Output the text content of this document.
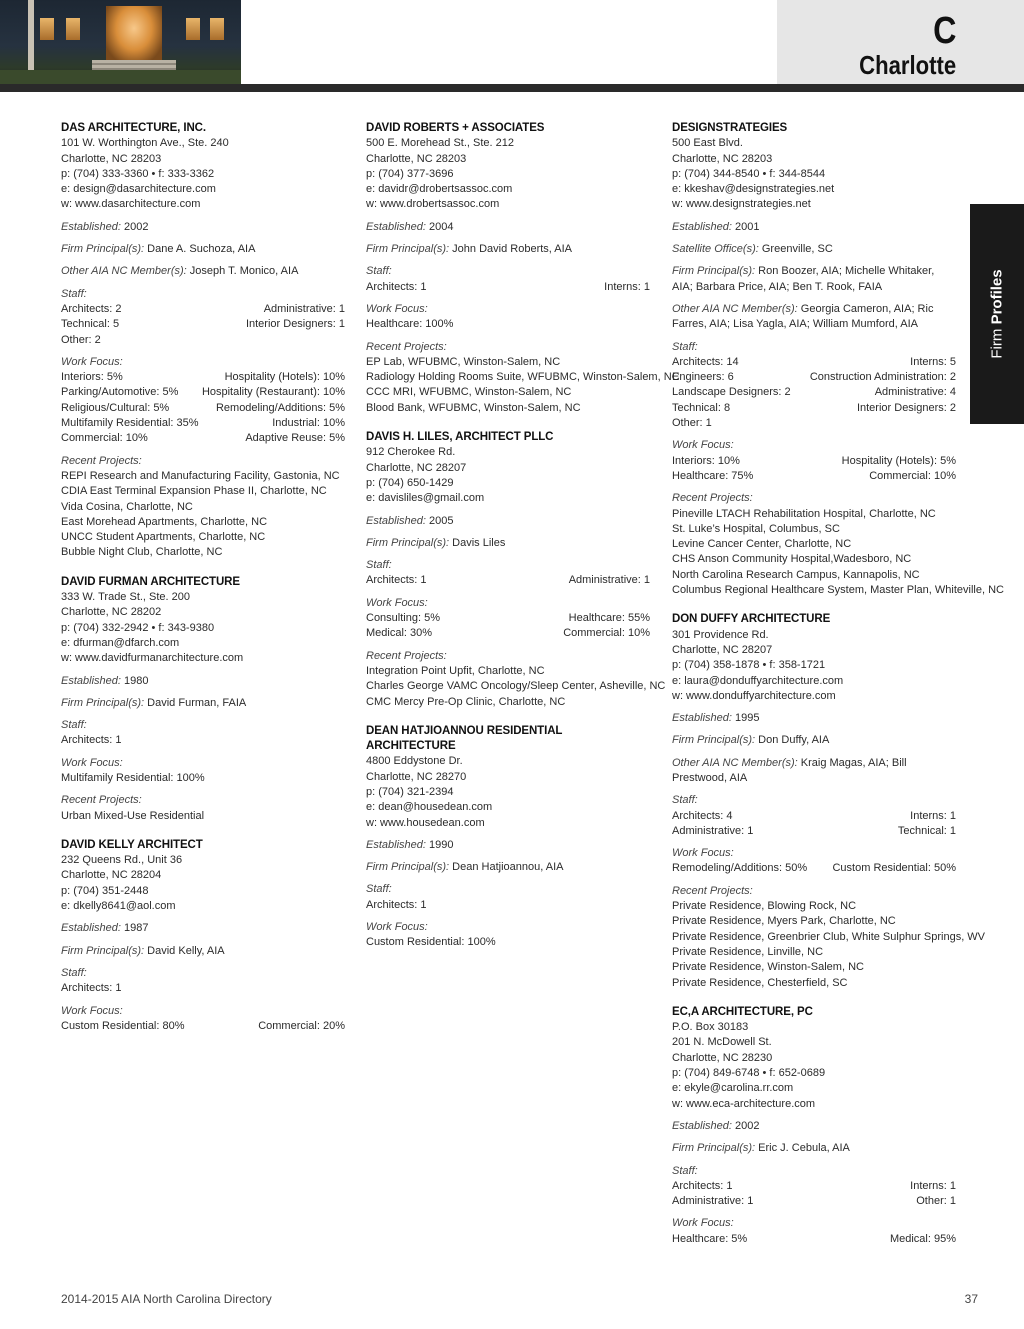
C
Charlotte
Firm Profiles
DAS ARCHITECTURE, INC.
101 W. Worthington Ave., Ste. 240
Charlotte, NC 28203
p: (704) 333-3360 • f: 333-3362
e: design@dasarchitecture.com
w: www.dasarchitecture.com
Established: 2002
Firm Principal(s): Dane A. Suchoza, AIA
Other AIA NC Member(s): Joseph T. Monico, AIA
Staff:
Architects: 2	Administrative: 1
Technical: 5	Interior Designers: 1
Other: 2
Work Focus:
Interiors: 5%	Hospitality (Hotels): 10%
Parking/Automotive: 5% Hospitality (Restaurant): 10%
Religious/Cultural: 5%	Remodeling/Additions: 5%
Multifamily Residential: 35%	Industrial: 10%
Commercial: 10%	Adaptive Reuse: 5%
Recent Projects:
REPI Research and Manufacturing Facility, Gastonia, NC
CDIA East Terminal Expansion Phase II, Charlotte, NC
Vida Cosina, Charlotte, NC
East Morehead Apartments, Charlotte, NC
UNCC Student Apartments, Charlotte, NC
Bubble Night Club, Charlotte, NC
DAVID FURMAN ARCHITECTURE
333 W. Trade St., Ste. 200
Charlotte, NC 28202
p: (704) 332-2942 • f: 343-9380
e: dfurman@dfarch.com
w: www.davidfurmanarchitecture.com
Established: 1980
Firm Principal(s): David Furman, FAIA
Staff:
Architects: 1
Work Focus:
Multifamily Residential: 100%
Recent Projects:
Urban Mixed-Use Residential
DAVID KELLY ARCHITECT
232 Queens Rd., Unit 36
Charlotte, NC 28204
p: (704) 351-2448
e: dkelly8641@aol.com
Established: 1987
Firm Principal(s): David Kelly, AIA
Staff:
Architects: 1
Work Focus:
Custom Residential: 80%	Commercial: 20%
DAVID ROBERTS + ASSOCIATES
500 E. Morehead St., Ste. 212
Charlotte, NC 28203
p: (704) 377-3696
e: davidr@drobertsassoc.com
w: www.drobertsassoc.com
Established: 2004
Firm Principal(s): John David Roberts, AIA
Staff:
Architects: 1	Interns: 1
Work Focus:
Healthcare: 100%
Recent Projects:
EP Lab, WFUBMC, Winston-Salem, NC
Radiology Holding Rooms Suite, WFUBMC, Winston-Salem, NC
CCC MRI, WFUBMC, Winston-Salem, NC
Blood Bank, WFUBMC, Winston-Salem, NC
DAVIS H. LILES, ARCHITECT PLLC
912 Cherokee Rd.
Charlotte, NC 28207
p: (704) 650-1429
e: davisliles@gmail.com
Established: 2005
Firm Principal(s): Davis Liles
Staff:
Architects: 1	Administrative: 1
Work Focus:
Consulting: 5%	Healthcare: 55%
Medical: 30%	Commercial: 10%
Recent Projects:
Integration Point Upfit, Charlotte, NC
Charles George VAMC Oncology/Sleep Center, Asheville, NC
CMC Mercy Pre-Op Clinic, Charlotte, NC
DEAN HATJIOANNOU RESIDENTIAL ARCHITECTURE
4800 Eddystone Dr.
Charlotte, NC 28270
p: (704) 321-2394
e: dean@housedean.com
w: www.housedean.com
Established: 1990
Firm Principal(s): Dean Hatjioannou, AIA
Staff:
Architects: 1
Work Focus:
Custom Residential: 100%
DESIGNSTRATEGIES
500 East Blvd.
Charlotte, NC 28203
p: (704) 344-8540 • f: 344-8544
e: kkeshav@designstrategies.net
w: www.designstrategies.net
Established: 2001
Satellite Office(s): Greenville, SC
Firm Principal(s): Ron Boozer, AIA; Michelle Whitaker, AIA; Barbara Price, AIA; Ben T. Rook, FAIA
Other AIA NC Member(s): Georgia Cameron, AIA; Ric Farres, AIA; Lisa Yagla, AIA; William Mumford, AIA
Staff:
Architects: 14	Interns: 5
Engineers: 6	Construction Administration: 2
Landscape Designers: 2	Administrative: 4
Technical: 8	Interior Designers: 2
Other: 1
Work Focus:
Interiors: 10%	Hospitality (Hotels): 5%
Healthcare: 75%	Commercial: 10%
Recent Projects:
Pineville LTACH Rehabilitation Hospital, Charlotte, NC
St. Luke’s Hospital, Columbus, SC
Levine Cancer Center, Charlotte, NC
CHS Anson Community Hospital,Wadesboro, NC
North Carolina Research Campus, Kannapolis, NC
Columbus Regional Healthcare System, Master Plan, Whiteville, NC
DON DUFFY ARCHITECTURE
301 Providence Rd.
Charlotte, NC 28207
p: (704) 358-1878 • f: 358-1721
e: laura@donduffyarchitecture.com
w: www.donduffyarchitecture.com
Established: 1995
Firm Principal(s): Don Duffy, AIA
Other AIA NC Member(s): Kraig Magas, AIA; Bill Prestwood, AIA
Staff:
Architects: 4	Interns: 1
Administrative: 1	Technical: 1
Work Focus:
Remodeling/Additions: 50% Custom Residential: 50%
Recent Projects:
Private Residence, Blowing Rock, NC
Private Residence, Myers Park, Charlotte, NC
Private Residence, Greenbrier Club, White Sulphur Springs, WV
Private Residence, Linville, NC
Private Residence, Winston-Salem, NC
Private Residence, Chesterfield, SC
EC,A ARCHITECTURE, PC
P.O. Box 30183
201 N. McDowell St.
Charlotte, NC 28230
p: (704) 849-6748 • f: 652-0689
e: ekyle@carolina.rr.com
w: www.eca-architecture.com
Established: 2002
Firm Principal(s): Eric J. Cebula, AIA
Staff:
Architects: 1	Interns: 1
Administrative: 1	Other: 1
Work Focus:
Healthcare: 5%	Medical: 95%
2014-2015 AIA North Carolina Directory	37
